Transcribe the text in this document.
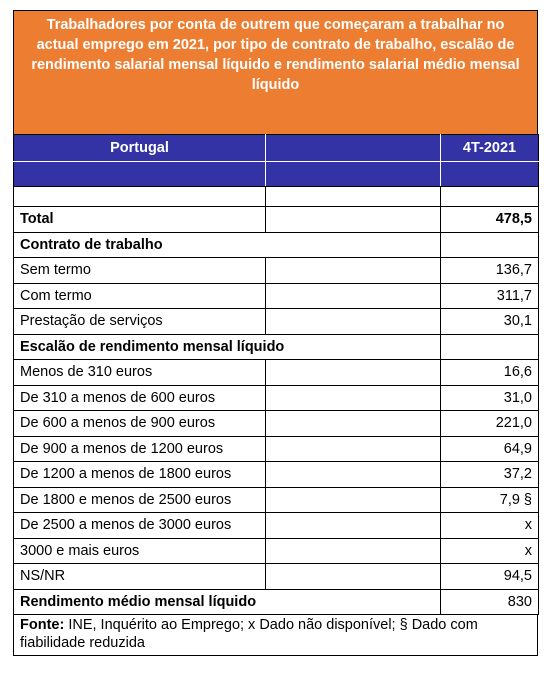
Trabalhadores por conta de outrem que começaram a trabalhar no actual emprego em 2021, por tipo de contrato de trabalho, escalão de rendimento salarial mensal líquido e rendimento salarial médio mensal líquido
Portugal		4T-2021

Total		478,5
Contrato de trabalho		
Sem termo		136,7
Com termo		311,7
Prestação de serviços		30,1
Escalão de rendimento mensal líquido		
Menos de 310 euros		16,6
De 310 a menos de 600 euros		31,0
De 600 a menos de 900 euros		221,0
De 900 a menos de 1200 euros		64,9
De 1200 a menos de 1800 euros		37,2
De 1800 e menos de 2500 euros		7,9 §
De 2500 a menos de 3000 euros		x
3000 e mais euros		x
NS/NR		94,5
Rendimento médio mensal líquido		830
Fonte: INE, Inquérito ao Emprego; x Dado não disponível; § Dado com fiabilidade reduzida
